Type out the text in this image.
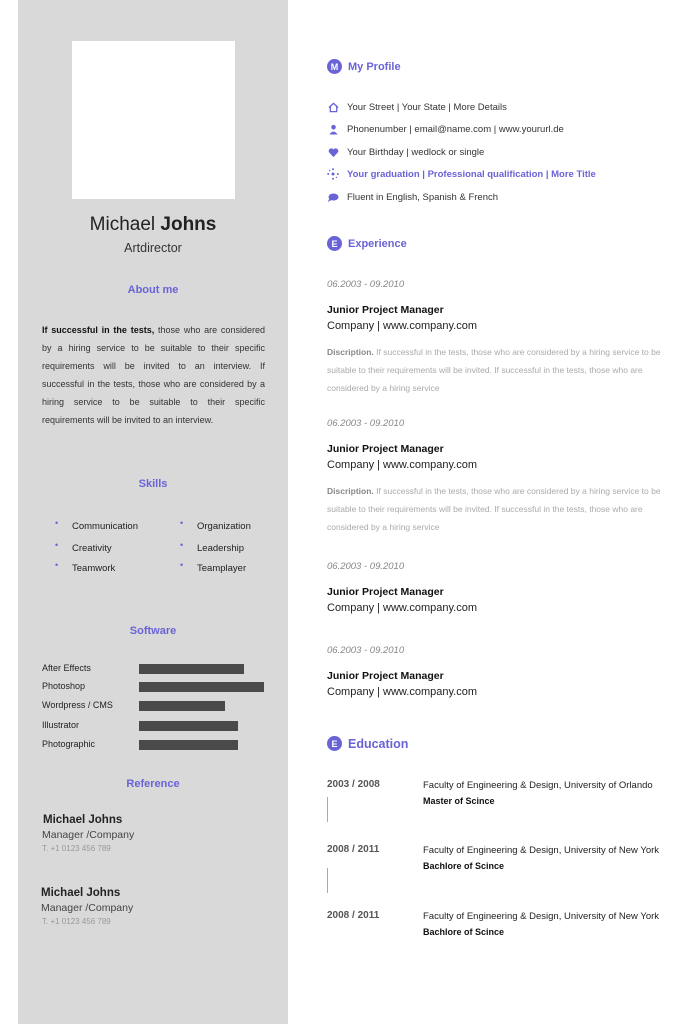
Michael Johns
Artdirector
About me
If successful in the tests, those who are considered by a hiring service to be suitable to their specific requirements will be invited to an interview. If successful in the tests, those who are considered by a hiring service to be suitable to their specific requirements will be invited to an interview.
Skills
• Communication	• Organization
• Creativity	• Leadership
• Teamwork	• Teamplayer
Software
After Effects
Photoshop
Wordpress / CMS
Illustrator
Photographic
Reference
Michael Johns
Manager /Company
T. +1 0123 456 789
Michael Johns
Manager /Company
T. +1 0123 456 789
M My Profile
Your Street | Your State | More Details
Phonenumber | email@name.com | www.yoururl.de
Your Birthday | wedlock or single
Your graduation | Professional qualification | More Title
Fluent in English, Spanish & French
E Experience
06.2003 - 09.2010
Junior Project Manager
Company | www.company.com
Discription. If successful in the tests, those who are considered by a hiring service to be suitable to their requirements will be invited. If successful in the tests, those who are considered by a hiring service
06.2003 - 09.2010
Junior Project Manager
Company | www.company.com
Discription. If successful in the tests, those who are considered by a hiring service to be suitable to their requirements will be invited. If successful in the tests, those who are considered by a hiring service
06.2003 - 09.2010
Junior Project Manager
Company | www.company.com
06.2003 - 09.2010
Junior Project Manager
Company | www.company.com
E Education
2003 / 2008	Faculty of Engineering & Design, University of Orlando
Master of Scince
2008 / 2011	Faculty of Engineering & Design, University of New York
Bachlore of Scince
2008 / 2011	Faculty of Engineering & Design, University of New York
Bachlore of Scince
